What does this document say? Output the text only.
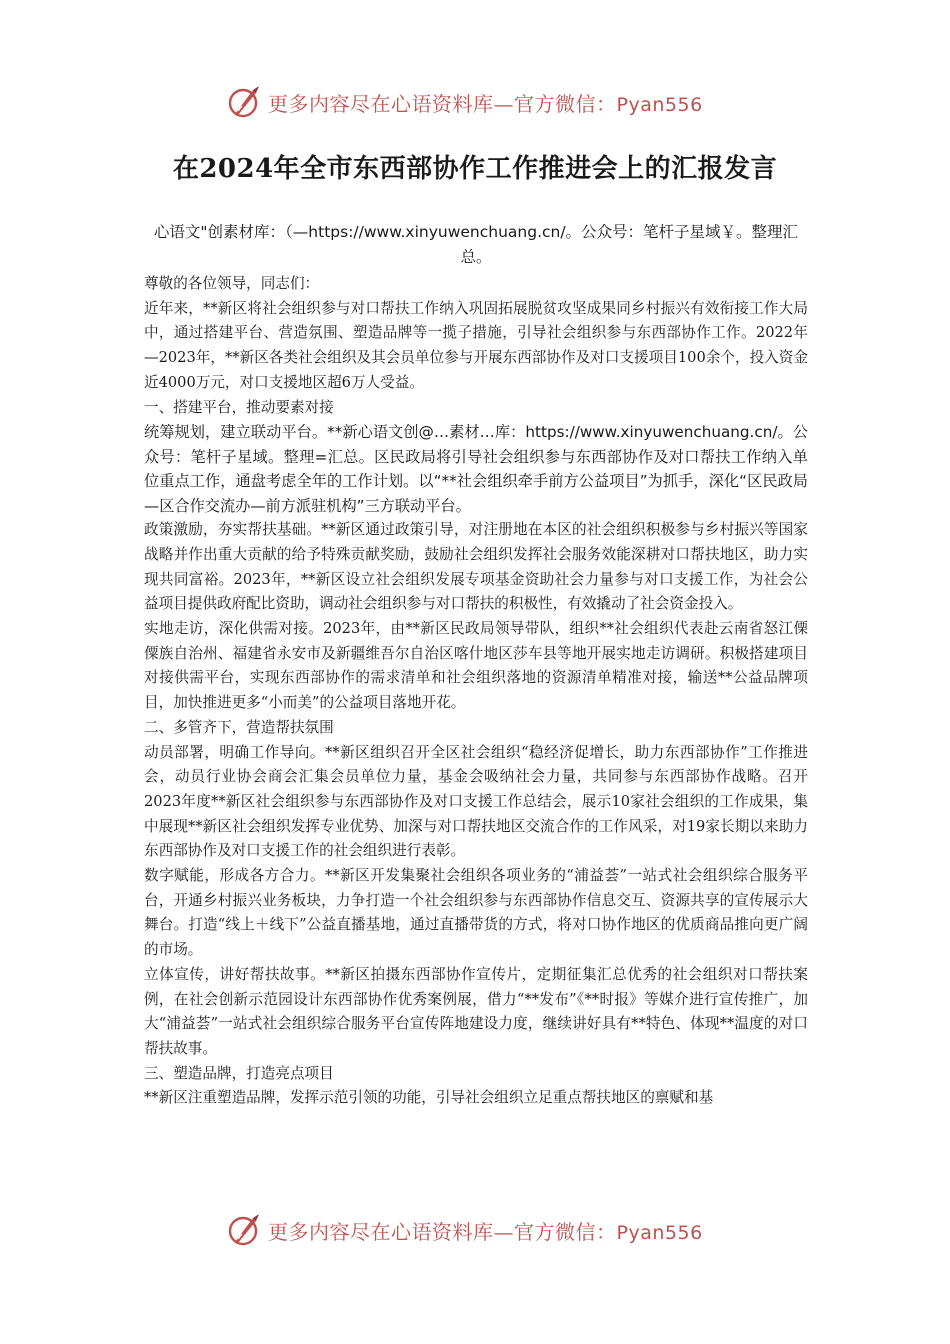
更多内容尽在心语资料库—官方微信：Pyan556
在2024年全市东西部协作工作推进会上的汇报发言
心语文"创素材库：（—https://www.xinyuwenchuang.cn/。公众号：笔杆子星域￥。整理汇总。

尊敬的各位领导，同志们：

近年来，**新区将社会组织参与对口帮扶工作纳入巩固拓展脱贫攻坚成果同乡村振兴有效衔接工作大局中，通过搭建平台、营造氛围、塑造品牌等一揽子措施，引导社会组织参与东西部协作工作。2022年—2023年，**新区各类社会组织及其会员单位参与开展东西部协作及对口支援项目100余个，投入资金近4000万元，对口支援地区超6万人受益。

一、搭建平台，推动要素对接

统筹规划，建立联动平台。**新心语文创@…素材…库：https://www.xinyuwenchuang.cn/。公众号：笔杆子星域。整理=汇总。区民政局将引导社会组织参与东西部协作及对口帮扶工作纳入单位重点工作，通盘考虑全年的工作计划。以“**社会组织牵手前方公益项目”为抓手，深化“区民政局—区合作交流办—前方派驻机构”三方联动平台。

政策激励，夯实帮扶基础。**新区通过政策引导，对注册地在本区的社会组织积极参与乡村振兴等国家战略并作出重大贡献的给予特殊贡献奖励，鼓励社会组织发挥社会服务效能深耕对口帮扶地区，助力实现共同富裕。2023年，**新区设立社会组织发展专项基金资助社会力量参与对口支援工作，为社会公益项目提供政府配比资助，调动社会组织参与对口帮扶的积极性，有效撬动了社会资金投入。

实地走访，深化供需对接。2023年，由**新区民政局领导带队，组织**社会组织代表赴云南省怒江傈僳族自治州、福建省永安市及新疆维吾尔自治区喀什地区莎车县等地开展实地走访调研。积极搭建项目对接供需平台，实现东西部协作的需求清单和社会组织落地的资源清单精准对接，输送**公益品牌项目，加快推进更多“小而美”的公益项目落地开花。

二、多管齐下，营造帮扶氛围

动员部署，明确工作导向。**新区组织召开全区社会组织“稳经济促增长，助力东西部协作”工作推进会，动员行业协会商会汇集会员单位力量，基金会吸纳社会力量，共同参与东西部协作战略。召开2023年度**新区社会组织参与东西部协作及对口支援工作总结会，展示10家社会组织的工作成果，集中展现**新区社会组织发挥专业优势、加深与对口帮扶地区交流合作的工作风采，对19家长期以来助力东西部协作及对口支援工作的社会组织进行表彰。

数字赋能，形成各方合力。**新区开发集聚社会组织各项业务的“浦益荟”一站式社会组织综合服务平台，开通乡村振兴业务板块，力争打造一个社会组织参与东西部协作信息交互、资源共享的宣传展示大舞台。打造“线上＋线下”公益直播基地，通过直播带货的方式，将对口协作地区的优质商品推向更广阔的市场。

立体宣传，讲好帮扶故事。**新区拍摄东西部协作宣传片，定期征集汇总优秀的社会组织对口帮扶案例，在社会创新示范园设计东西部协作优秀案例展，借力“**发布”《**时报》等媒介进行宣传推广，加大“浦益荟”一站式社会组织综合服务平台宣传阵地建设力度，继续讲好具有**特色、体现**温度的对口帮扶故事。

三、塑造品牌，打造亮点项目

**新区注重塑造品牌，发挥示范引领的功能，引导社会组织立足重点帮扶地区的禀赋和基

更多内容尽在心语资料库—官方微信：Pyan556
